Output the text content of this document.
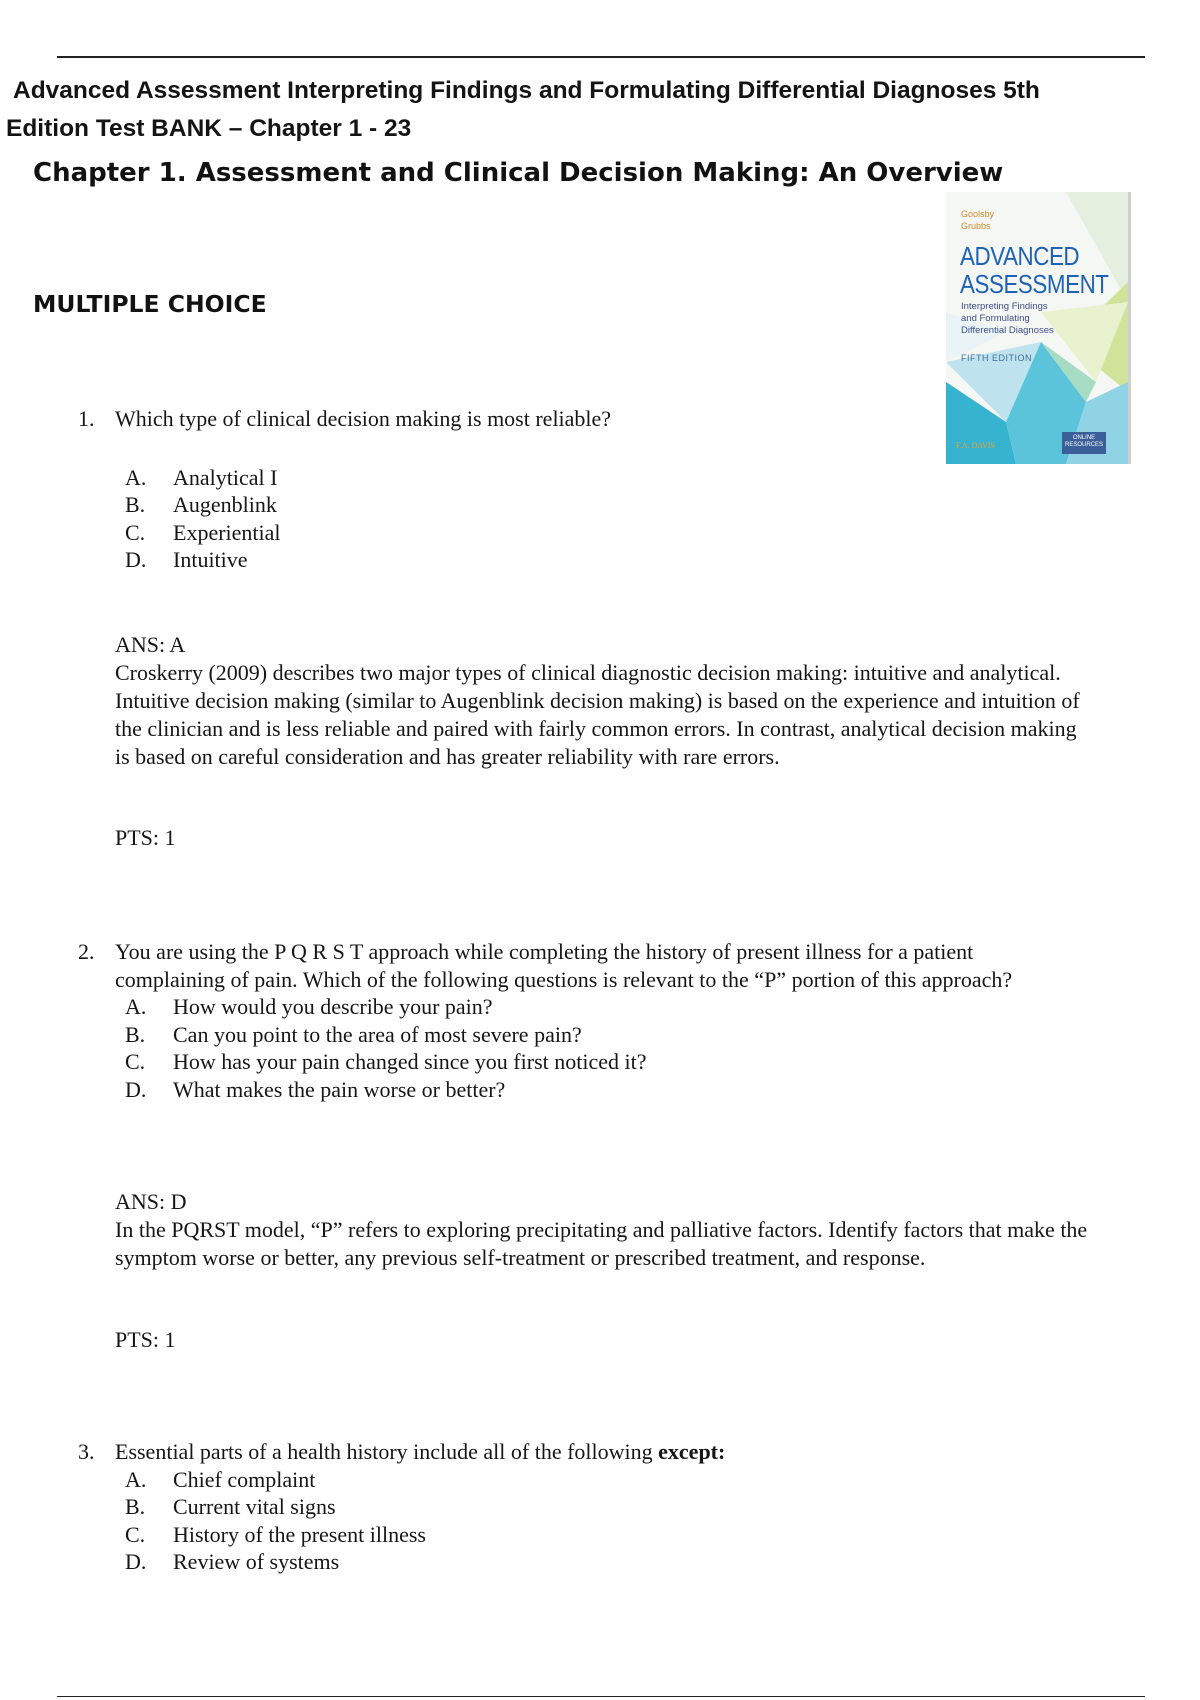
Advanced Assessment Interpreting Findings and Formulating Differential Diagnoses 5th
Edition Test BANK – Chapter 1 - 23
Chapter 1. Assessment and Clinical Decision Making: An Overview
Goolsby
Grubbs
ADVANCED
ASSESSMENT
Interpreting Findings
and Formulating
Differential Diagnoses
FIFTH EDITION
F.A. DAVIS
ONLINE RESOURCES
MULTIPLE CHOICE
1. Which type of clinical decision making is most reliable?
A. Analytical I
B. Augenblink
C. Experiential
D. Intuitive
ANS: A
Croskerry (2009) describes two major types of clinical diagnostic decision making: intuitive and analytical. Intuitive decision making (similar to Augenblink decision making) is based on the experience and intuition of the clinician and is less reliable and paired with fairly common errors. In contrast, analytical decision making is based on careful consideration and has greater reliability with rare errors.
PTS: 1
2. You are using the P Q R S T approach while completing the history of present illness for a patient complaining of pain. Which of the following questions is relevant to the “P” portion of this approach?
A. How would you describe your pain?
B. Can you point to the area of most severe pain?
C. How has your pain changed since you first noticed it?
D. What makes the pain worse or better?
ANS: D
In the PQRST model, “P” refers to exploring precipitating and palliative factors. Identify factors that make the symptom worse or better, any previous self-treatment or prescribed treatment, and response.
PTS: 1
3. Essential parts of a health history include all of the following except:
A. Chief complaint
B. Current vital signs
C. History of the present illness
D. Review of systems
